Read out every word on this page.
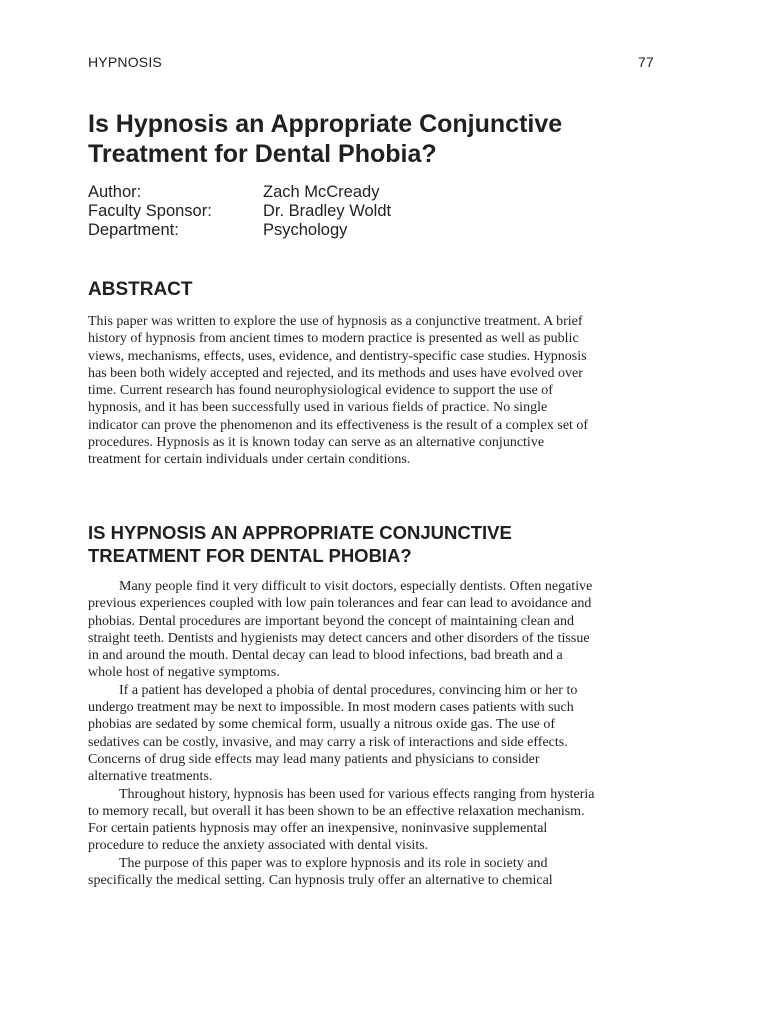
HYPNOSIS	77
Is Hypnosis an Appropriate Conjunctive
Treatment for Dental Phobia?
Author:	Zach McCready
Faculty Sponsor:	Dr. Bradley Woldt
Department:	Psychology
ABSTRACT
This paper was written to explore the use of hypnosis as a conjunctive treatment. A brief
history of hypnosis from ancient times to modern practice is presented as well as public
views, mechanisms, effects, uses, evidence, and dentistry-specific case studies. Hypnosis
has been both widely accepted and rejected, and its methods and uses have evolved over
time. Current research has found neurophysiological evidence to support the use of
hypnosis, and it has been successfully used in various fields of practice. No single
indicator can prove the phenomenon and its effectiveness is the result of a complex set of
procedures. Hypnosis as it is known today can serve as an alternative conjunctive
treatment for certain individuals under certain conditions.
IS HYPNOSIS AN APPROPRIATE CONJUNCTIVE
TREATMENT FOR DENTAL PHOBIA?
Many people find it very difficult to visit doctors, especially dentists. Often negative
previous experiences coupled with low pain tolerances and fear can lead to avoidance and
phobias. Dental procedures are important beyond the concept of maintaining clean and
straight teeth. Dentists and hygienists may detect cancers and other disorders of the tissue
in and around the mouth. Dental decay can lead to blood infections, bad breath and a
whole host of negative symptoms.
If a patient has developed a phobia of dental procedures, convincing him or her to
undergo treatment may be next to impossible. In most modern cases patients with such
phobias are sedated by some chemical form, usually a nitrous oxide gas. The use of
sedatives can be costly, invasive, and may carry a risk of interactions and side effects.
Concerns of drug side effects may lead many patients and physicians to consider
alternative treatments.
Throughout history, hypnosis has been used for various effects ranging from hysteria
to memory recall, but overall it has been shown to be an effective relaxation mechanism.
For certain patients hypnosis may offer an inexpensive, noninvasive supplemental
procedure to reduce the anxiety associated with dental visits.
The purpose of this paper was to explore hypnosis and its role in society and
specifically the medical setting. Can hypnosis truly offer an alternative to chemical
